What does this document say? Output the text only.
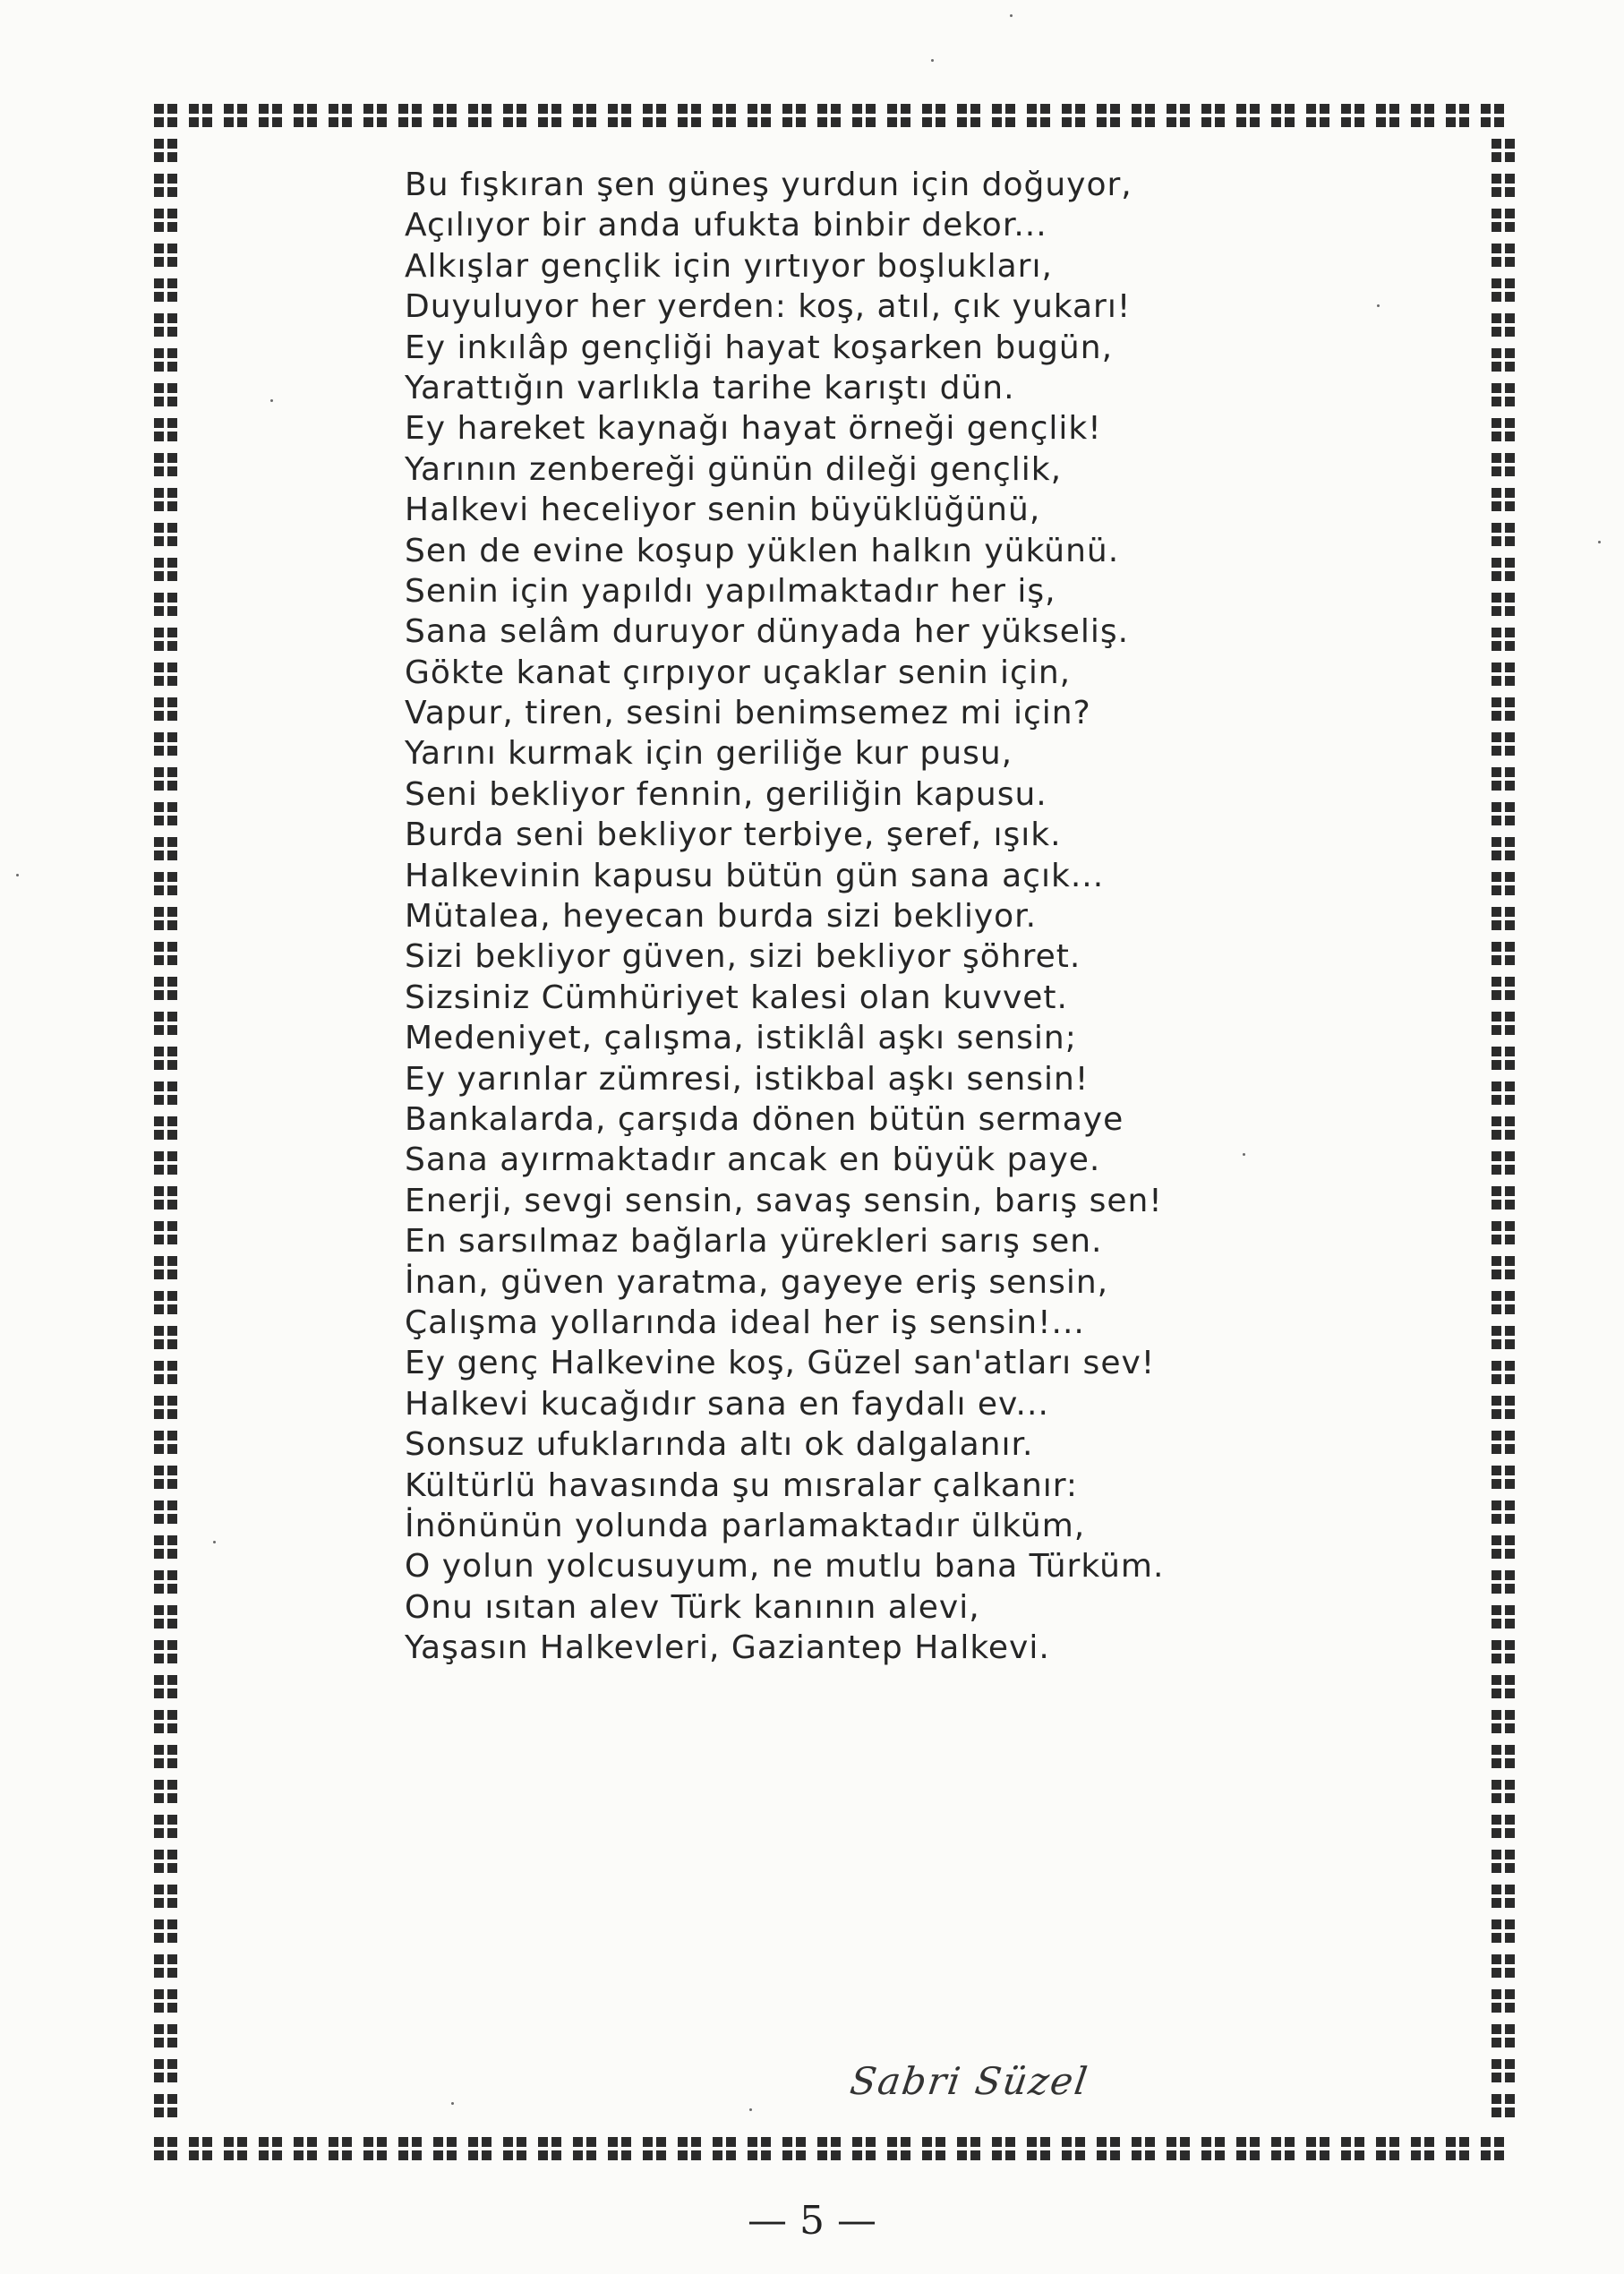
Bu fışkıran şen güneş yurdun için doğuyor,
Açılıyor bir anda ufukta binbir dekor...
Alkışlar gençlik için yırtıyor boşlukları,
Duyuluyor her yerden: koş, atıl, çık yukarı!
Ey inkılâp gençliği hayat koşarken bugün,
Yarattığın varlıkla tarihe karıştı dün.
Ey hareket kaynağı hayat örneği gençlik!
Yarının zenbereği günün dileği gençlik,
Halkevi heceliyor senin büyüklüğünü,
Sen de evine koşup yüklen halkın yükünü.
Senin için yapıldı yapılmaktadır her iş,
Sana selâm duruyor dünyada her yükseliş.
Gökte kanat çırpıyor uçaklar senin için,
Vapur, tiren, sesini benimsemez mi için?
Yarını kurmak için geriliğe kur pusu,
Seni bekliyor fennin, geriliğin kapusu.
Burda seni bekliyor terbiye, şeref, ışık.
Halkevinin kapusu bütün gün sana açık...
Mütalea, heyecan burda sizi bekliyor.
Sizi bekliyor güven, sizi bekliyor şöhret.
Sizsiniz Cümhüriyet kalesi olan kuvvet.
Medeniyet, çalışma, istiklâl aşkı sensin;
Ey yarınlar zümresi, istikbal aşkı sensin!
Bankalarda, çarşıda dönen bütün sermaye
Sana ayırmaktadır ancak en büyük paye.
Enerji, sevgi sensin, savaş sensin, barış sen!
En sarsılmaz bağlarla yürekleri sarış sen.
İnan, güven yaratma, gayeye eriş sensin,
Çalışma yollarında ideal her iş sensin!...
Ey genç Halkevine koş, Güzel san'atları sev!
Halkevi kucağıdır sana en faydalı ev...
Sonsuz ufuklarında altı ok dalgalanır.
Kültürlü havasında şu mısralar çalkanır:
İnönünün yolunda parlamaktadır ülküm,
O yolun yolcusuyum, ne mutlu bana Türküm.
Onu ısıtan alev Türk kanının alevi,
Yaşasın Halkevleri, Gaziantep Halkevi.
Sabri Süzel
— 5 —
